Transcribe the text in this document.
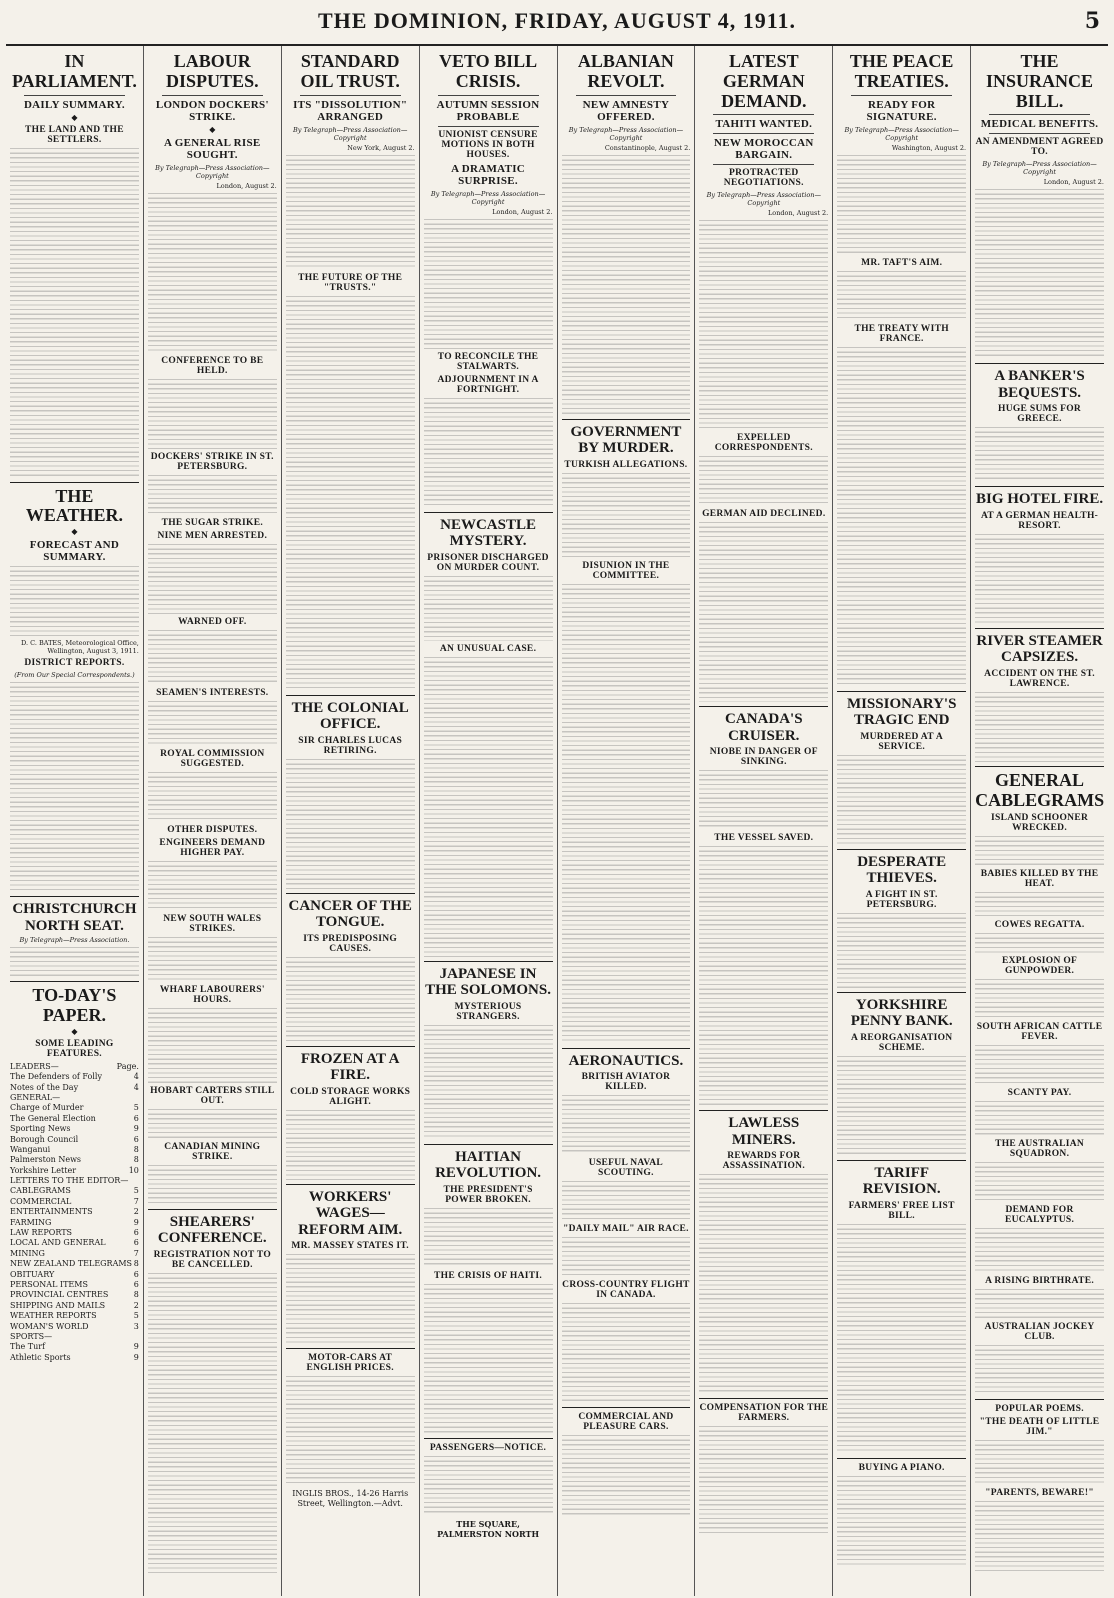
THE DOMINION, FRIDAY, AUGUST 4, 1911.	5
IN PARLIAMENT.
DAILY SUMMARY.
◆
THE LAND AND THE SETTLERS.
THE WEATHER.
◆
FORECAST AND SUMMARY.
D. C. BATES, Meteorological Office, Wellington, August 3, 1911.
DISTRICT REPORTS.
(From Our Special Correspondents.)
CHRISTCHURCH NORTH SEAT.
By Telegraph—Press Association.
TO-DAY'S PAPER.
◆
SOME LEADING FEATURES.
LEADERS—	Page.
The Defenders of Folly	4
Notes of the Day	4
GENERAL—
Charge of Murder	5
The General Election	6
Sporting News	9
Borough Council	6
Wanganui	8
Palmerston News	8
Yorkshire Letter	10
LETTERS TO THE EDITOR—
CABLEGRAMS	5
COMMERCIAL	7
ENTERTAINMENTS	2
FARMING	9
LAW REPORTS	6
LOCAL AND GENERAL	6
MINING	7
NEW ZEALAND TELEGRAMS 8
OBITUARY	6
PERSONAL ITEMS	6
PROVINCIAL CENTRES	8
SHIPPING AND MAILS	2
WEATHER REPORTS	5
WOMAN'S WORLD	3
SPORTS—
The Turf	9
Athletic Sports	9
LABOUR DISPUTES.
LONDON DOCKERS' STRIKE.
◆
A GENERAL RISE SOUGHT.
By Telegraph—Press Association—Copyright
London, August 2.
CONFERENCE TO BE HELD.
DOCKERS' STRIKE IN ST. PETERSBURG.
THE SUGAR STRIKE.
NINE MEN ARRESTED.
WARNED OFF.
SEAMEN'S INTERESTS.
ROYAL COMMISSION SUGGESTED.
OTHER DISPUTES.
ENGINEERS DEMAND HIGHER PAY.
NEW SOUTH WALES STRIKES.
WHARF LABOURERS' HOURS.
HOBART CARTERS STILL OUT.
CANADIAN MINING STRIKE.
SHEARERS' CONFERENCE.
REGISTRATION NOT TO BE CANCELLED.
STANDARD OIL TRUST.
ITS "DISSOLUTION" ARRANGED
By Telegraph—Press Association—Copyright
New York, August 2.
THE FUTURE OF THE "TRUSTS."
THE COLONIAL OFFICE.
SIR CHARLES LUCAS RETIRING.
CANCER OF THE TONGUE.
ITS PREDISPOSING CAUSES.
FROZEN AT A FIRE.
COLD STORAGE WORKS ALIGHT.
WORKERS' WAGES—REFORM AIM.
MR. MASSEY STATES IT.
MOTOR-CARS AT ENGLISH PRICES.
INGLIS BROS., 14-26 Harris Street, Wellington.—Advt.
VETO BILL CRISIS.
AUTUMN SESSION PROBABLE
UNIONIST CENSURE MOTIONS IN BOTH HOUSES.
A DRAMATIC SURPRISE.
By Telegraph—Press Association—Copyright
London, August 2.
TO RECONCILE THE STALWARTS.
ADJOURNMENT IN A FORTNIGHT.
NEWCASTLE MYSTERY.
PRISONER DISCHARGED ON MURDER COUNT.
AN UNUSUAL CASE.
JAPANESE IN THE SOLOMONS.
MYSTERIOUS STRANGERS.
HAITIAN REVOLUTION.
THE PRESIDENT'S POWER BROKEN.
THE CRISIS OF HAITI.
PASSENGERS—NOTICE.
THE SQUARE, PALMERSTON NORTH
ALBANIAN REVOLT.
NEW AMNESTY OFFERED.
By Telegraph—Press Association—Copyright
Constantinople, August 2.
GOVERNMENT BY MURDER.
TURKISH ALLEGATIONS.
DISUNION IN THE COMMITTEE.
AERONAUTICS.
BRITISH AVIATOR KILLED.
USEFUL NAVAL SCOUTING.
"DAILY MAIL" AIR RACE.
CROSS-COUNTRY FLIGHT IN CANADA.
COMMERCIAL AND PLEASURE CARS.
LATEST GERMAN DEMAND.
TAHITI WANTED.
NEW MOROCCAN BARGAIN.
PROTRACTED NEGOTIATIONS.
By Telegraph—Press Association—Copyright
London, August 2.
EXPELLED CORRESPONDENTS.
GERMAN AID DECLINED.
CANADA'S CRUISER.
NIOBE IN DANGER OF SINKING.
THE VESSEL SAVED.
LAWLESS MINERS.
REWARDS FOR ASSASSINATION.
COMPENSATION FOR THE FARMERS.
THE PEACE TREATIES.
READY FOR SIGNATURE.
By Telegraph—Press Association—Copyright
Washington, August 2.
MR. TAFT'S AIM.
THE TREATY WITH FRANCE.
MISSIONARY'S TRAGIC END
MURDERED AT A SERVICE.
DESPERATE THIEVES.
A FIGHT IN ST. PETERSBURG.
YORKSHIRE PENNY BANK.
A REORGANISATION SCHEME.
TARIFF REVISION.
FARMERS' FREE LIST BILL.
BUYING A PIANO.
THE INSURANCE BILL.
MEDICAL BENEFITS.
AN AMENDMENT AGREED TO.
By Telegraph—Press Association—Copyright
London, August 2.
A BANKER'S BEQUESTS.
HUGE SUMS FOR GREECE.
BIG HOTEL FIRE.
AT A GERMAN HEALTH-RESORT.
RIVER STEAMER CAPSIZES.
ACCIDENT ON THE ST. LAWRENCE.
GENERAL CABLEGRAMS
ISLAND SCHOONER WRECKED.
BABIES KILLED BY THE HEAT.
COWES REGATTA.
EXPLOSION OF GUNPOWDER.
SOUTH AFRICAN CATTLE FEVER.
SCANTY PAY.
THE AUSTRALIAN SQUADRON.
DEMAND FOR EUCALYPTUS.
A RISING BIRTHRATE.
AUSTRALIAN JOCKEY CLUB.
POPULAR POEMS.
"THE DEATH OF LITTLE JIM."
"PARENTS, BEWARE!"
